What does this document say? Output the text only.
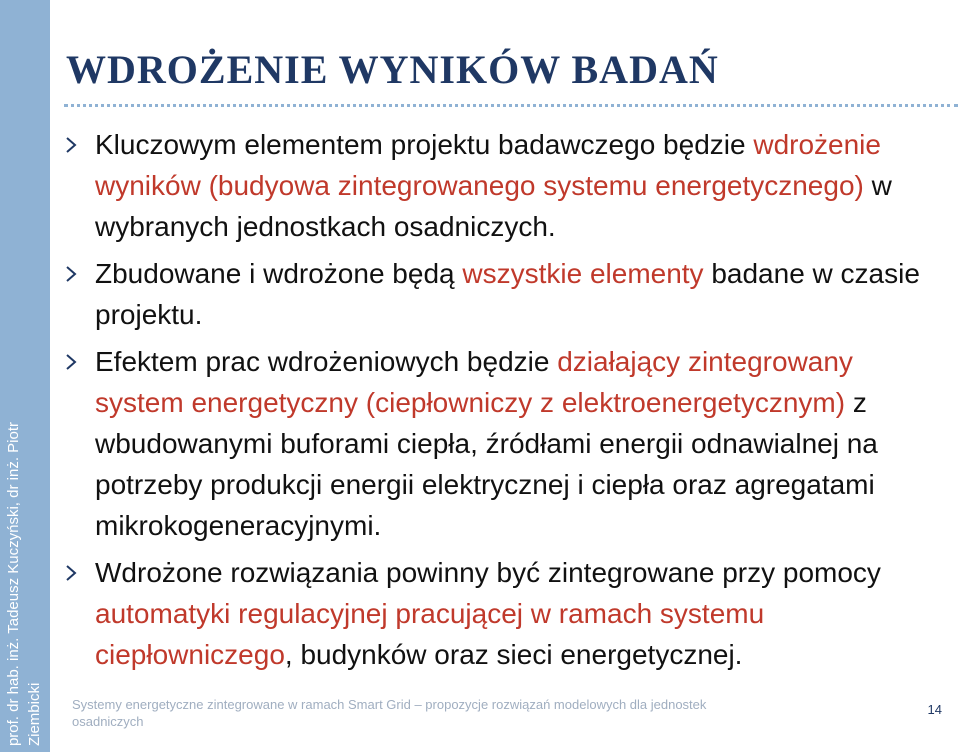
prof. dr hab. inż. Tadeusz Kuczyński, dr inż. Piotr
Ziembicki
WDROŻENIE WYNIKÓW BADAŃ
Kluczowym elementem projektu badawczego będzie wdrożenie wyników (budyowa zintegrowanego systemu energetycznego) w wybranych jednostkach osadniczych.
Zbudowane i wdrożone będą wszystkie elementy badane w czasie projektu.
Efektem prac wdrożeniowych będzie działający zintegrowany system energetyczny (ciepłowniczy z elektroenergetycznym) z wbudowanymi buforami ciepła, źródłami energii odnawialnej na potrzeby produkcji energii elektrycznej i ciepła oraz agregatami mikrokogeneracyjnymi.
Wdrożone rozwiązania powinny być zintegrowane przy pomocy automatyki regulacyjnej pracującej w ramach systemu ciepłowniczego, budynków oraz sieci energetycznej.
Systemy energetyczne zintegrowane w ramach Smart Grid – propozycje rozwiązań modelowych dla jednostek osadniczych
14
